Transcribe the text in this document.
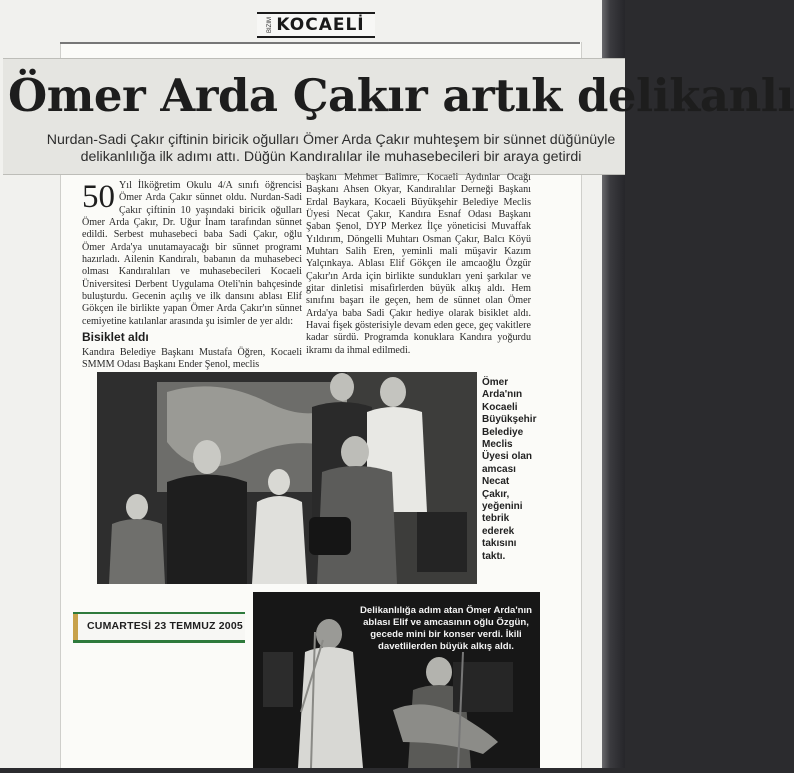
BİZİM KOCAELİ
Ömer Arda Çakır artık delikanlı
Nurdan-Sadi Çakır çiftinin biricik oğulları Ömer Arda Çakır muhteşem bir sünnet düğünüyle delikanlılığa ilk adımı attı. Düğün Kandıralılar ile muhasebecileri bir araya getirdi
50 Yıl İlköğretim Okulu 4/A sınıfı öğrencisi Ömer Arda Çakır sünnet oldu. Nurdan-Sadi Çakır çiftinin 10 yaşındaki biricik oğulları Ömer Arda Çakır, Dr. Uğur İnam tarafından sünnet edildi. Serbest muhasebeci baba Sadi Çakır, oğlu Ömer Arda'ya unutamayacağı bir sünnet programı hazırladı. Ailenin Kandıralı, babanın da muhasebeci olması Kandıralıları ve muhasebecileri Kocaeli Üniversitesi Derbent Uygulama Oteli'nin bahçesinde buluşturdu. Gecenin açılış ve ilk dansını ablası Elif Gökçen ile birlikte yapan Ömer Arda Çakır'ın sünnet cemiyetine katılanlar arasında şu isimler de yer aldı:

Bisiklet aldı

Kandıra Belediye Başkanı Mustafa Öğren, Kocaeli SMMM Odası Başkanı Ender Şenol, meclis

başkanı Mehmet Balimre, Kocaeli Aydınlar Ocağı Başkanı Ahsen Okyar, Kandıralılar Derneği Başkanı Erdal Baykara, Kocaeli Büyükşehir Belediye Meclis Üyesi Necat Çakır, Kandıra Esnaf Odası Başkanı Şaban Şenol, DYP Merkez İlçe yöneticisi Muvaffak Yıldırım, Döngelli Muhtarı Osman Çakır, Balcı Köyü Muhtarı Salih Eren, yeminli mali müşavir Kazım Yalçınkaya. Ablası Elif Gökçen ile amcaoğlu Özgür Çakır'ın Arda için birlikte sundukları yeni şarkılar ve gitar dinletisi misafirlerden büyük alkış aldı. Hem sınıfını başarı ile geçen, hem de sünnet olan Ömer Arda'ya baba Sadi Çakır hediye olarak bisiklet aldı. Havai fişek gösterisiyle devam eden gece, geç vakitlere kadar sürdü. Programda konuklara Kandıra yoğurdu ikramı da ihmal edilmedi.

Ömer Arda'nın Kocaeli Büyükşehir Belediye Meclis Üyesi olan amcası Necat Çakır, yeğenini tebrik ederek takısını taktı.
CUMARTESİ 23 TEMMUZ 2005
Delikanlılığa adım atan Ömer Arda'nın ablası Elif ve amcasının oğlu Özgün, gecede mini bir konser verdi. İkili davetlilerden büyük alkış aldı.
